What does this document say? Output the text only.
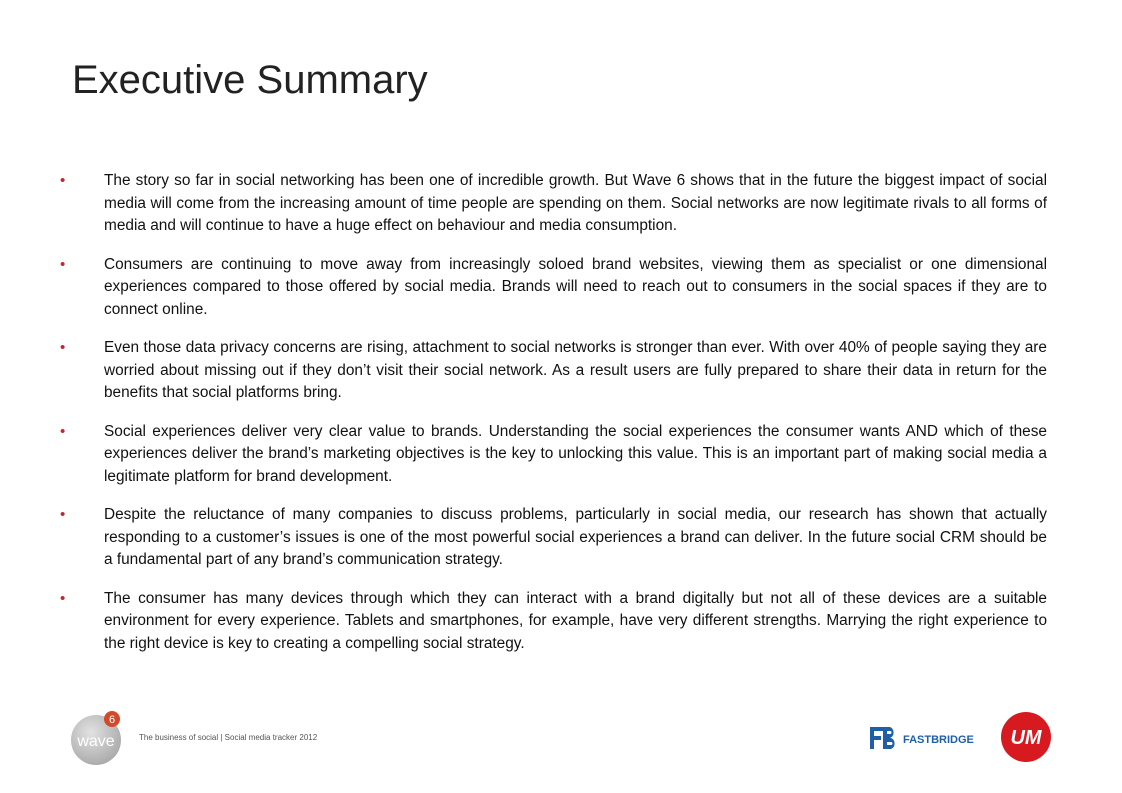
Executive Summary
•	The story so far in social networking has been one of incredible growth. But Wave 6 shows that in the future the biggest impact of social media will come from the increasing amount of time people are spending on them. Social networks are now legitimate rivals to all forms of media and will continue to have a huge effect on behaviour and media consumption.
•	Consumers are continuing to move away from increasingly soloed brand websites, viewing them as specialist or one dimensional experiences compared to those offered by social media. Brands will need to reach out to consumers in the social spaces if they are to connect online.
•	Even those data privacy concerns are rising, attachment to social networks is stronger than ever. With over 40% of people saying they are worried about missing out if they don’t visit their social network. As a result users are fully prepared to share their data in return for the benefits that social platforms bring.
•	Social experiences deliver very clear value to brands. Understanding the social experiences the consumer wants AND which of these experiences deliver the brand’s marketing objectives is the key to unlocking this value. This is an important part of making social media a legitimate platform for brand development.
•	Despite the reluctance of many companies to discuss problems, particularly in social media, our research has shown that actually responding to a customer’s issues is one of the most powerful social experiences a brand can deliver. In the future social CRM should be a fundamental part of any brand’s communication strategy.
•	The consumer has many devices through which they can interact with a brand digitally but not all of these devices are a suitable environment for every experience. Tablets and smartphones, for example, have very different strengths. Marrying the right experience to the right device is key to creating a compelling social strategy.
6
wave	The business of social | Social media tracker 2012	FASTBRIDGE UM
